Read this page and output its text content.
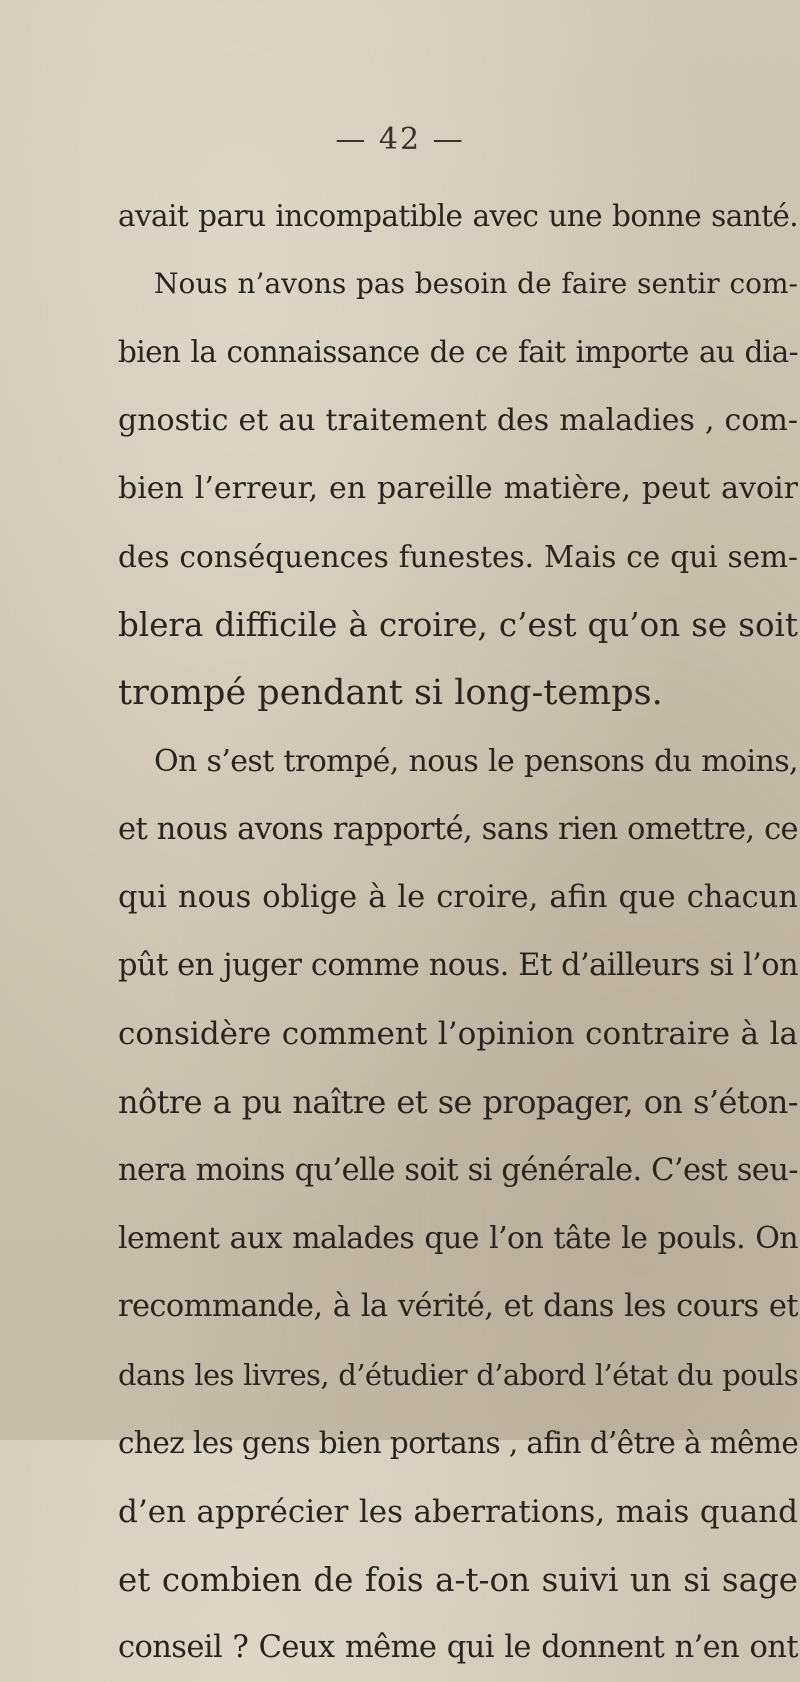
— 42 —

avait paru incompatible avec une bonne santé.
Nous n’avons pas besoin de faire sentir com-
bien la connaissance de ce fait importe au dia-
gnostic et au traitement des maladies , com-
bien l’erreur, en pareille matière, peut avoir
des conséquences funestes. Mais ce qui sem-
blera difficile à croire, c’est qu’on se soit
trompé pendant si long-temps.
On s’est trompé, nous le pensons du moins,
et nous avons rapporté, sans rien omettre, ce
qui nous oblige à le croire, afin que chacun
pût en juger comme nous. Et d’ailleurs si l’on
considère comment l’opinion contraire à la
nôtre a pu naître et se propager, on s’éton-
nera moins qu’elle soit si générale. C’est seu-
lement aux malades que l’on tâte le pouls. On
recommande, à la vérité, et dans les cours et
dans les livres, d’étudier d’abord l’état du pouls
chez les gens bien portans , afin d’être à même
d’en apprécier les aberrations, mais quand
et combien de fois a-t-on suivi un si sage
conseil ? Ceux même qui le donnent n’en ont
